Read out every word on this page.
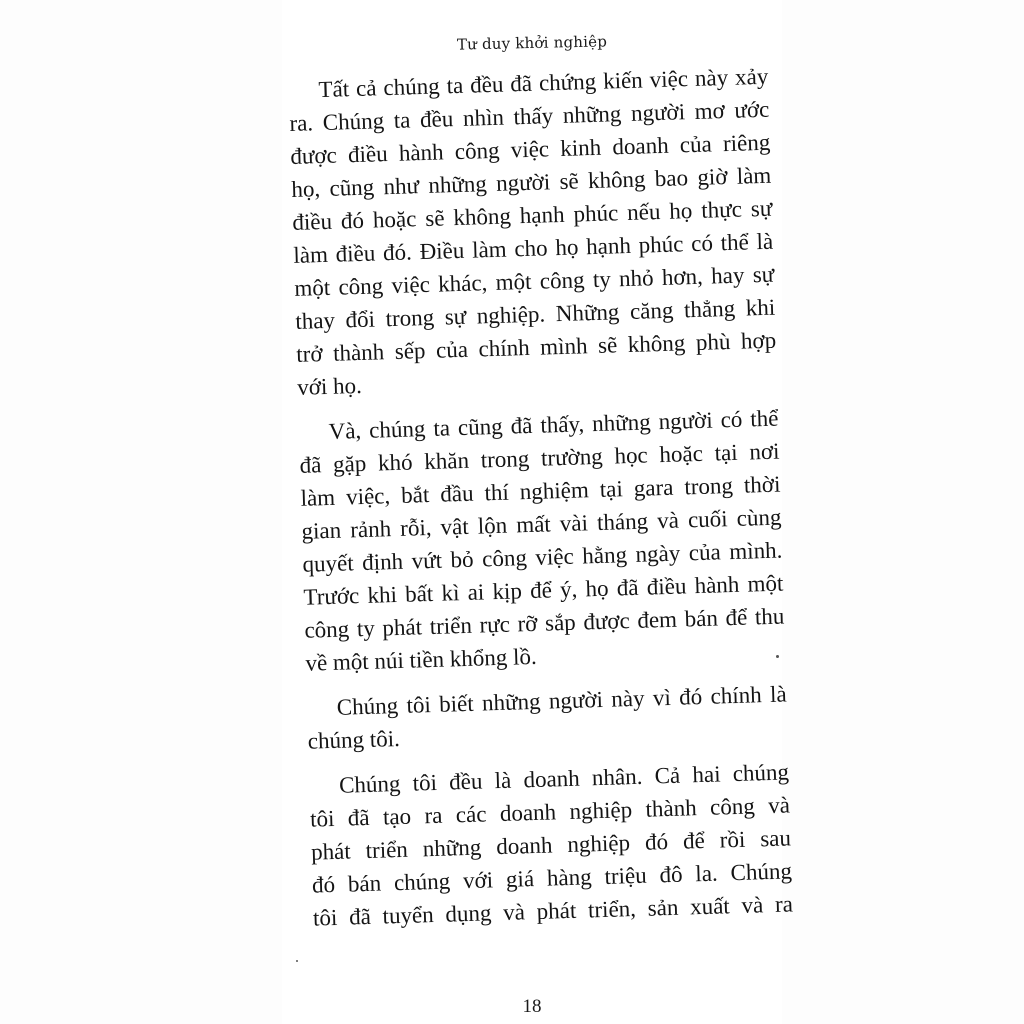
Tư duy khởi nghiệp
Tất cả chúng ta đều đã chứng kiến việc này xảy
ra. Chúng ta đều nhìn thấy những người mơ ước
được điều hành công việc kinh doanh của riêng
họ, cũng như những người sẽ không bao giờ làm
điều đó hoặc sẽ không hạnh phúc nếu họ thực sự
làm điều đó. Điều làm cho họ hạnh phúc có thể là
một công việc khác, một công ty nhỏ hơn, hay sự
thay đổi trong sự nghiệp. Những căng thẳng khi
trở thành sếp của chính mình sẽ không phù hợp
với họ.
Và, chúng ta cũng đã thấy, những người có thể
đã gặp khó khăn trong trường học hoặc tại nơi
làm việc, bắt đầu thí nghiệm tại gara trong thời
gian rảnh rỗi, vật lộn mất vài tháng và cuối cùng
quyết định vứt bỏ công việc hằng ngày của mình.
Trước khi bất kì ai kịp để ý, họ đã điều hành một
công ty phát triển rực rỡ sắp được đem bán để thu
về một núi tiền khổng lồ.
Chúng tôi biết những người này vì đó chính là
chúng tôi.
Chúng tôi đều là doanh nhân. Cả hai chúng
tôi đã tạo ra các doanh nghiệp thành công và
phát triển những doanh nghiệp đó để rồi sau
đó bán chúng với giá hàng triệu đô la. Chúng
tôi đã tuyển dụng và phát triển, sản xuất và ra
18
